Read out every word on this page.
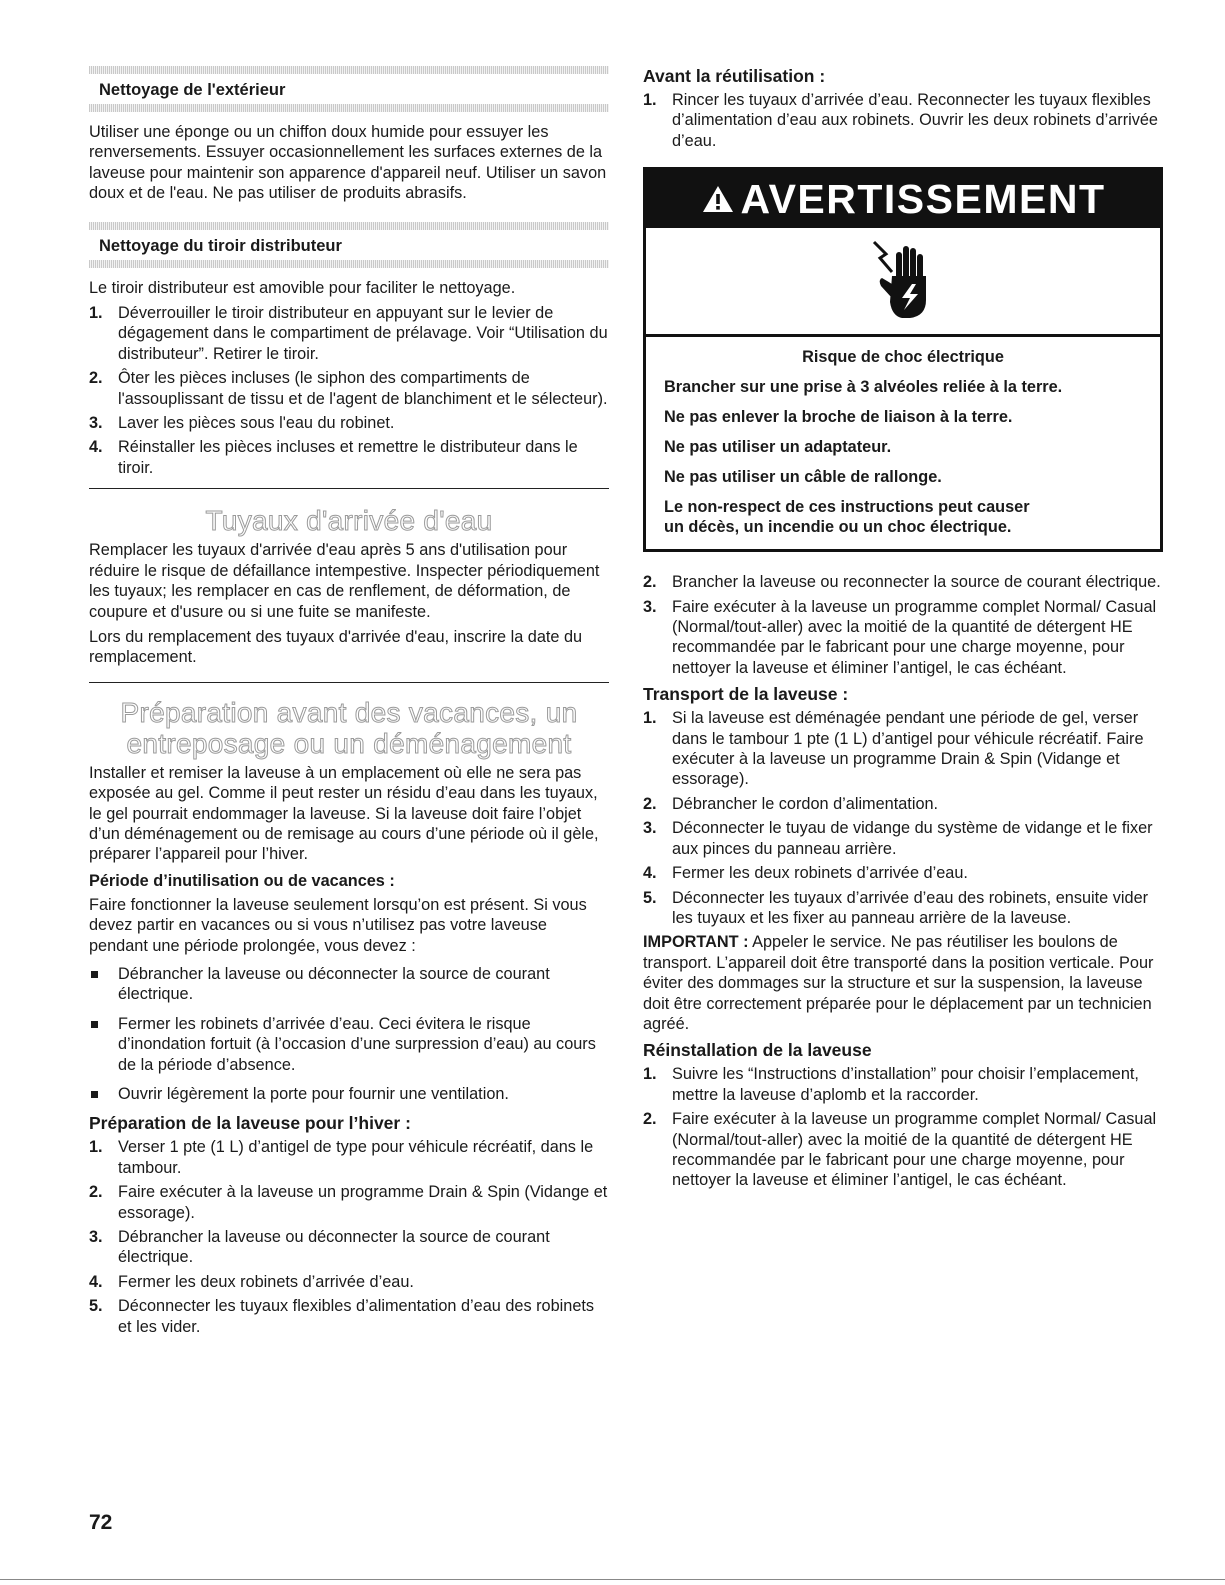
Nettoyage de l'extérieur

Utiliser une éponge ou un chiffon doux humide pour essuyer les renversements. Essuyer occasionnellement les surfaces externes de la laveuse pour maintenir son apparence d'appareil neuf. Utiliser un savon doux et de l'eau. Ne pas utiliser de produits abrasifs.

Nettoyage du tiroir distributeur

Le tiroir distributeur est amovible pour faciliter le nettoyage.

1. Déverrouiller le tiroir distributeur en appuyant sur le levier de dégagement dans le compartiment de prélavage. Voir “Utilisation du distributeur”. Retirer le tiroir.
2. Ôter les pièces incluses (le siphon des compartiments de l'assouplissant de tissu et de l'agent de blanchiment et le sélecteur).
3. Laver les pièces sous l'eau du robinet.
4. Réinstaller les pièces incluses et remettre le distributeur dans le tiroir.
Tuyaux d'arrivée d'eau

Remplacer les tuyaux d'arrivée d'eau après 5 ans d'utilisation pour réduire le risque de défaillance intempestive. Inspecter périodiquement les tuyaux; les remplacer en cas de renflement, de déformation, de coupure et d'usure ou si une fuite se manifeste.

Lors du remplacement des tuyaux d'arrivée d'eau, inscrire la date du remplacement.

Préparation avant des vacances, un
entreposage ou un déménagement

Installer et remiser la laveuse à un emplacement où elle ne sera pas exposée au gel. Comme il peut rester un résidu d’eau dans les tuyaux, le gel pourrait endommager la laveuse. Si la laveuse doit faire l’objet d’un déménagement ou de remisage au cours d’une période où il gèle, préparer l’appareil pour l’hiver.

Période d’inutilisation ou de vacances :

Faire fonctionner la laveuse seulement lorsqu’on est présent. Si vous devez partir en vacances ou si vous n’utilisez pas votre laveuse pendant une période prolongée, vous devez :

Débrancher la laveuse ou déconnecter la source de courant électrique.
Fermer les robinets d’arrivée d’eau. Ceci évitera le risque d’inondation fortuit (à l’occasion d’une surpression d’eau) au cours de la période d’absence.
Ouvrir légèrement la porte pour fournir une ventilation.
Préparation de la laveuse pour l’hiver :
1. Verser 1 pte (1 L) d’antigel de type pour véhicule récréatif, dans le tambour.
2. Faire exécuter à la laveuse un programme Drain & Spin (Vidange et essorage).
3. Débrancher la laveuse ou déconnecter la source de courant électrique.
4. Fermer les deux robinets d’arrivée d’eau.
5. Déconnecter les tuyaux flexibles d’alimentation d’eau des robinets et les vider.
Avant la réutilisation :
1. Rincer les tuyaux d’arrivée d’eau. Reconnecter les tuyaux flexibles d’alimentation d’eau aux robinets. Ouvrir les deux robinets d’arrivée d’eau.
AVERTISSEMENT
Risque de choc électrique
Brancher sur une prise à 3 alvéoles reliée à la terre.
Ne pas enlever la broche de liaison à la terre.
Ne pas utiliser un adaptateur.
Ne pas utiliser un câble de rallonge.
Le non-respect de ces instructions peut causer
un décès, un incendie ou un choc électrique.
2. Brancher la laveuse ou reconnecter la source de courant électrique.
3. Faire exécuter à la laveuse un programme complet Normal/ Casual (Normal/tout-aller) avec la moitié de la quantité de détergent HE recommandée par le fabricant pour une charge moyenne, pour nettoyer la laveuse et éliminer l’antigel, le cas échéant.
Transport de la laveuse :
1. Si la laveuse est déménagée pendant une période de gel, verser dans le tambour 1 pte (1 L) d’antigel pour véhicule récréatif. Faire exécuter à la laveuse un programme Drain & Spin (Vidange et essorage).
2. Débrancher le cordon d’alimentation.
3. Déconnecter le tuyau de vidange du système de vidange et le fixer aux pinces du panneau arrière.
4. Fermer les deux robinets d’arrivée d’eau.
5. Déconnecter les tuyaux d’arrivée d’eau des robinets, ensuite vider les tuyaux et les fixer au panneau arrière de la laveuse.

IMPORTANT : Appeler le service. Ne pas réutiliser les boulons de transport. L’appareil doit être transporté dans la position verticale. Pour éviter des dommages sur la structure et sur la suspension, la laveuse doit être correctement préparée pour le déplacement par un technicien agréé.

Réinstallation de la laveuse
1. Suivre les “Instructions d’installation” pour choisir l’emplacement, mettre la laveuse d’aplomb et la raccorder.
2. Faire exécuter à la laveuse un programme complet Normal/ Casual (Normal/tout-aller) avec la moitié de la quantité de détergent HE recommandée par le fabricant pour une charge moyenne, pour nettoyer la laveuse et éliminer l’antigel, le cas échéant.
72
